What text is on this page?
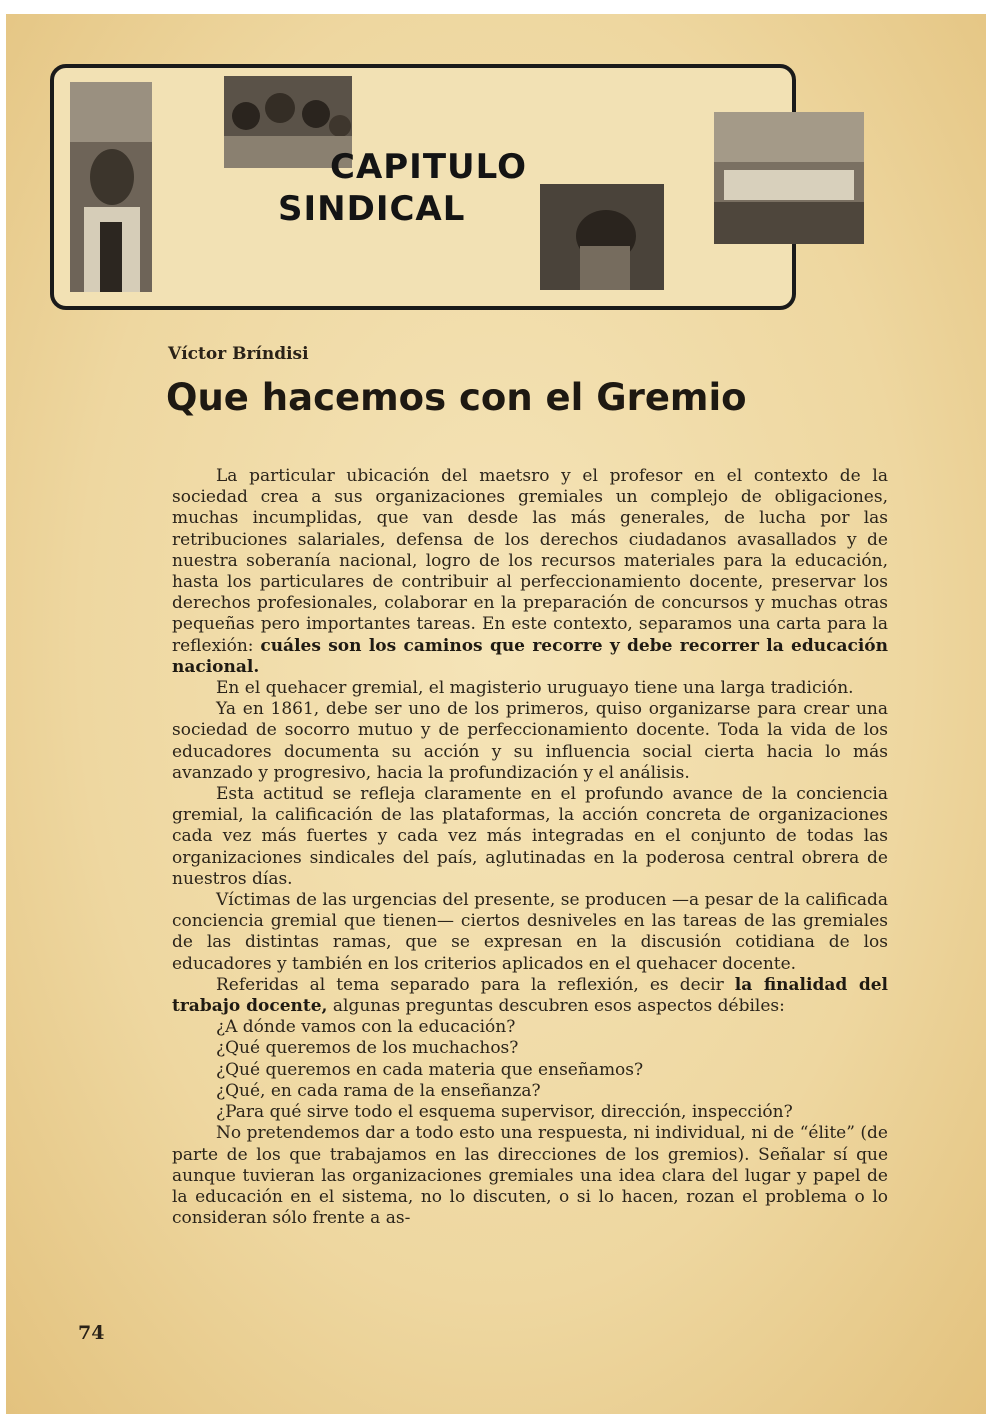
CAPITULO
SINDICAL
Víctor Bríndisi
Que hacemos con el Gremio

La particular ubicación del maetsro y el profesor en el contexto de la sociedad crea a sus organizaciones gremiales un complejo de obligaciones, muchas incumplidas, que van desde las más generales, de lucha por las retribuciones salariales, defensa de los derechos ciudadanos avasallados y de nuestra soberanía nacional, logro de los recursos materiales para la educación, hasta los particulares de contribuir al perfeccionamiento docente, preservar los derechos profesionales, colaborar en la preparación de concursos y muchas otras pequeñas pero importantes tareas. En este contexto, separamos una carta para la reflexión: cuáles son los caminos que recorre y debe recorrer la educación nacional.

En el quehacer gremial, el magisterio uruguayo tiene una larga tradición.

Ya en 1861, debe ser uno de los primeros, quiso organizarse para crear una sociedad de socorro mutuo y de perfeccionamiento docente. Toda la vida de los educadores documenta su acción y su influencia social cierta hacia lo más avanzado y progresivo, hacia la profundización y el análisis.

Esta actitud se refleja claramente en el profundo avance de la conciencia gremial, la calificación de las plataformas, la acción concreta de organizaciones cada vez más fuertes y cada vez más integradas en el conjunto de todas las organizaciones sindicales del país, aglutinadas en la poderosa central obrera de nuestros días.

Víctimas de las urgencias del presente, se producen —a pesar de la calificada conciencia gremial que tienen— ciertos desniveles en las tareas de las gremiales de las distintas ramas, que se expresan en la discusión cotidiana de los educadores y también en los criterios aplicados en el quehacer docente.

Referidas al tema separado para la reflexión, es decir la finalidad del trabajo docente, algunas preguntas descubren esos aspectos débiles:

¿A dónde vamos con la educación?

¿Qué queremos de los muchachos?

¿Qué queremos en cada materia que enseñamos?

¿Qué, en cada rama de la enseñanza?

¿Para qué sirve todo el esquema supervisor, dirección, inspección?

No pretendemos dar a todo esto una respuesta, ni individual, ni de “élite” (de parte de los que trabajamos en las direcciones de los gremios). Señalar sí que aunque tuvieran las organizaciones gremiales una idea clara del lugar y papel de la educación en el sistema, no lo discuten, o si lo hacen, rozan el problema o lo consideran sólo frente a as-

74
